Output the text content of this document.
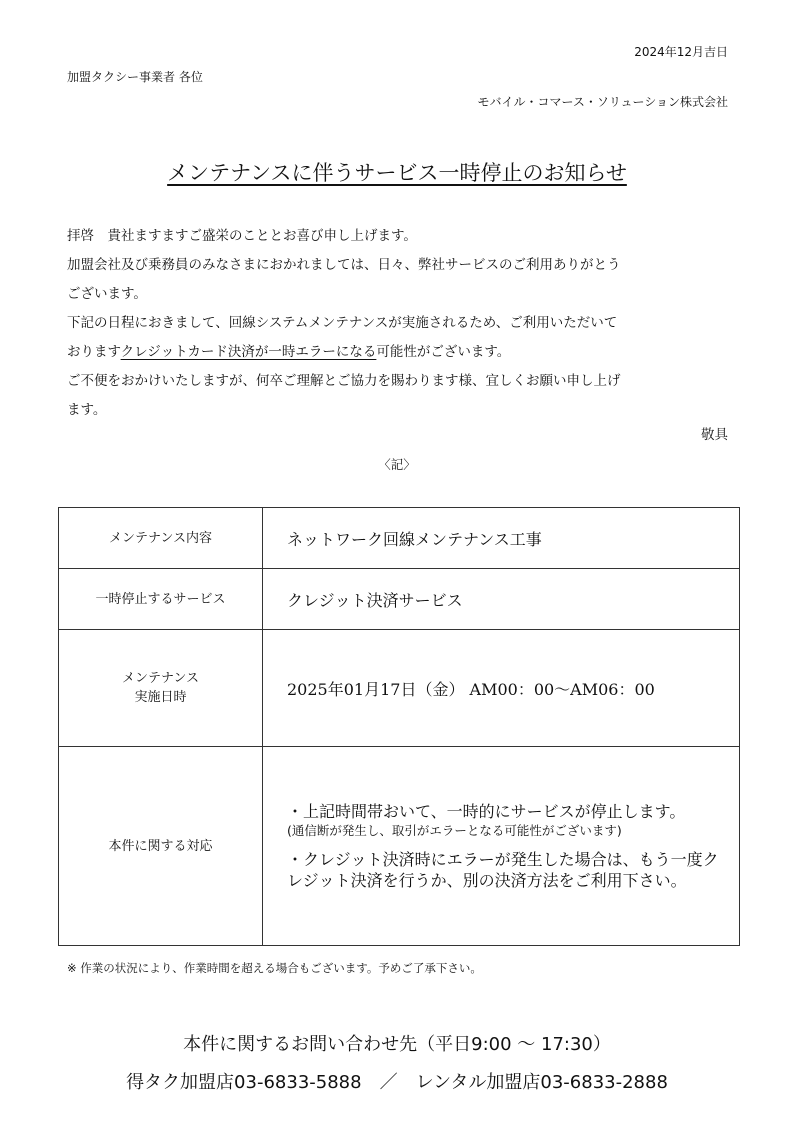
2024年12月吉日
加盟タクシー事業者 各位
モバイル・コマース・ソリューション株式会社
メンテナンスに伴うサービス一時停止のお知らせ

拝啓　貴社ますますご盛栄のこととお喜び申し上げます。

加盟会社及び乗務員のみなさまにおかれましては、日々、弊社サービスのご利用ありがとう

ございます。

下記の日程におきまして、回線システムメンテナンスが実施されるため、ご利用いただいて

おりますクレジットカード決済が一時エラーになる可能性がございます。

ご不便をおかけいたしますが、何卒ご理解とご協力を賜わります様、宜しくお願い申し上げ

ます。

敬具
〈記〉
メンテナンス内容	ネットワーク回線メンテナンス工事
一時停止するサービス	クレジット決済サービス

メンテナンス
実施日時	2025年01月17日（金） AM00：00～AM06：00
本件に関する対応	・上記時間帯おいて、一時的にサービスが停止します。

(通信断が発生し、取引がエラーとなる可能性がございます)

・クレジット決済時にエラーが発生した場合は、もう一度クレジット決済を行うか、別の決済方法をご利用下さい。

※ 作業の状況により、作業時間を超える場合もございます。予めご了承下さい。
本件に関するお問い合わせ先（平日9:00 ～ 17:30）
得タク加盟店03-6833-5888　／　レンタル加盟店03-6833-2888
